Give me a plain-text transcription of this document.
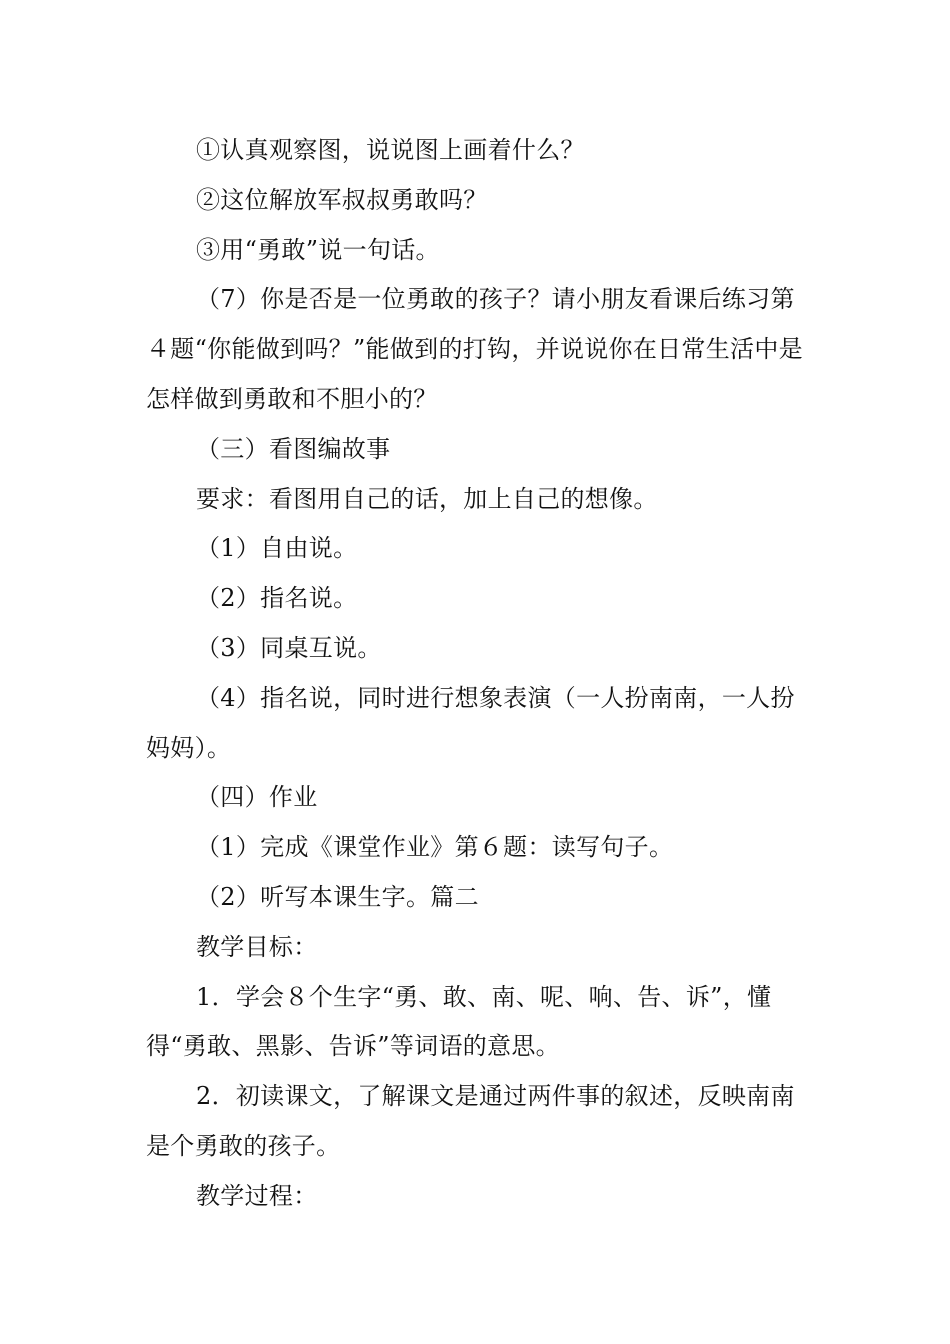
①认真观察图，说说图上画着什么？

②这位解放军叔叔勇敢吗？

③用“勇敢”说一句话。

（7）你是否是一位勇敢的孩子？请小朋友看课后练习第４题“你能做到吗？”能做到的打钩，并说说你在日常生活中是怎样做到勇敢和不胆小的？

（三）看图编故事

要求：看图用自己的话，加上自己的想像。

（1）自由说。

（2）指名说。

（3）同桌互说。

（4）指名说，同时进行想象表演（一人扮南南，一人扮妈妈）。

（四）作业

（1）完成《课堂作业》第６题：读写句子。

（2）听写本课生字。篇二

教学目标：

1．学会８个生字“勇、敢、南、呢、响、告、诉”，懂得“勇敢、黑影、告诉”等词语的意思。

2．初读课文，了解课文是通过两件事的叙述，反映南南是个勇敢的孩子。

教学过程：
